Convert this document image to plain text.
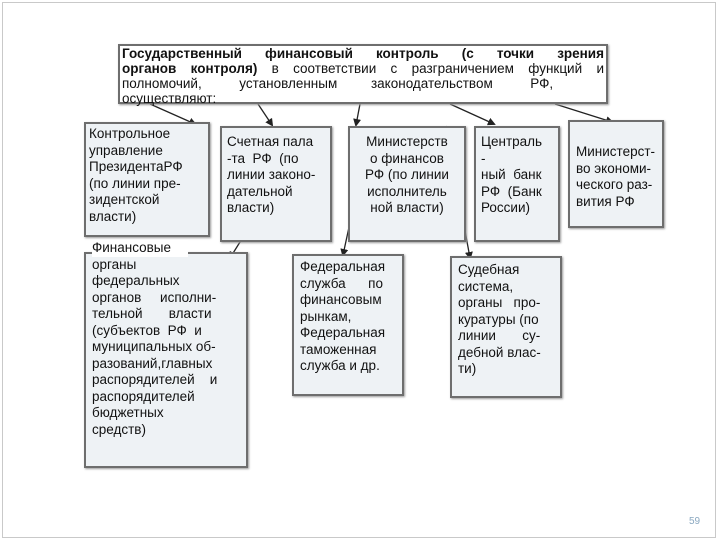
Государственный финансовый контроль (с точки зрения
органов контроля) в соответствии с разграничением функций и
полномочий,          установленным         законодательством          РФ,
осуществляют:
Контрольное
управление
ПрезидентаРФ
(по линии пре-
зидентской
власти)
Счетная пала
-та  РФ  (по
линии законо-
дательной
власти)
Министерств
о финансов
РФ (по линии
исполнитель
ной власти)
Централь
-
ный  банк
РФ  (Банк
России)
Министерст-
во экономи-
ческого раз-
вития РФ
Финансовые
органы
федеральных
органов     исполни-
тельной       власти
(субъектов  РФ  и
муниципальных об-
разований,главных
распорядителей    и
распорядителей
бюджетных
средств)
Федеральная
служба      по
финансовым
рынкам,
Федеральная
таможенная
служба и др.
Судебная
система,
органы   про-
куратуры (по
линии       су-
дебной влас-
ти)
59
